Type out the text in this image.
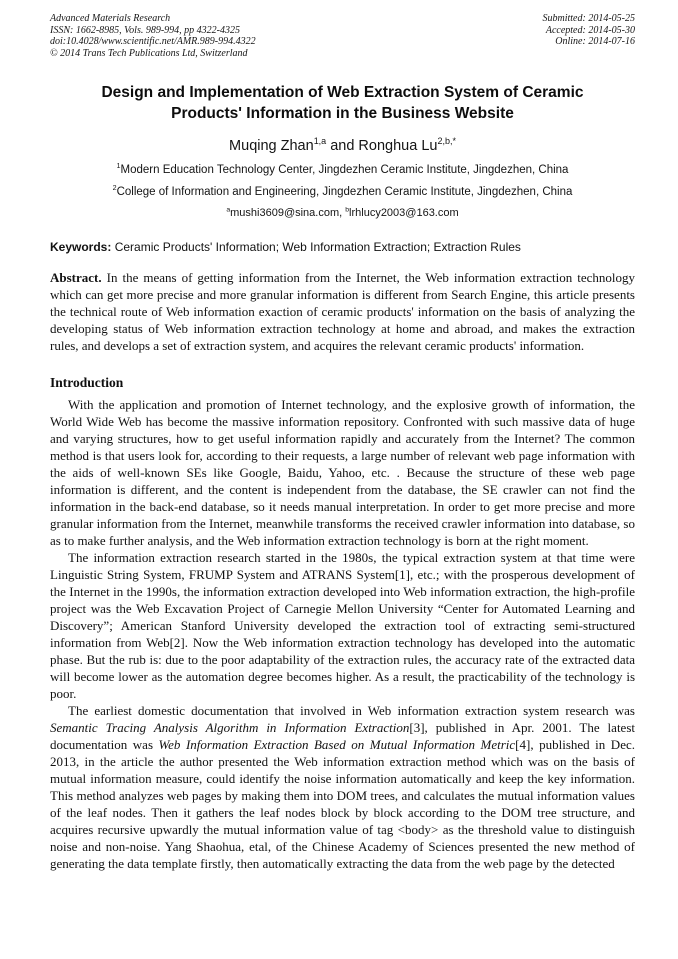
Advanced Materials Research
ISSN: 1662-8985, Vols. 989-994, pp 4322-4325
doi:10.4028/www.scientific.net/AMR.989-994.4322
© 2014 Trans Tech Publications Ltd, Switzerland
Submitted: 2014-05-25
Accepted: 2014-05-30
Online: 2014-07-16
Design and Implementation of Web Extraction System of Ceramic Products' Information in the Business Website
Muqing Zhan$^{1,a}$ and Ronghua $Lu^{2,b,*}$
$^1$Modern Education Technology Center, Jingdezhen Ceramic Institute, Jingdezhen, China
$^2$College of Information and Engineering, Jingdezhen Ceramic Institute, Jingdezhen, China
$^a$mushi3609@sina.com, $^b$lrhlucy2003@163.com
Keywords: Ceramic Products' Information; Web Information Extraction; Extraction Rules
Abstract. In the means of getting information from the Internet, the Web information extraction technology which can get more precise and more granular information is different from Search Engine, this article presents the technical route of Web information exaction of ceramic products' information on the basis of analyzing the developing status of Web information extraction technology at home and abroad, and makes the extraction rules, and develops a set of extraction system, and acquires the relevant ceramic products' information.
Introduction

With the application and promotion of Internet technology, and the explosive growth of information, the World Wide Web has become the massive information repository. Confronted with such massive data of huge and varying structures, how to get useful information rapidly and accurately from the Internet? The common method is that users look for, according to their requests, a large number of relevant web page information with the aids of well-known SEs like Google, Baidu, Yahoo, etc. . Because the structure of these web page information is different, and the content is independent from the database, the SE crawler can not find the information in the back-end database, so it needs manual interpretation. In order to get more precise and more granular information from the Internet, meanwhile transforms the received crawler information into database, so as to make further analysis, and the Web information extraction technology is born at the right moment.

The information extraction research started in the 1980s, the typical extraction system at that time were Linguistic String System, FRUMP System and ATRANS System[1], etc.; with the prosperous development of the Internet in the 1990s, the information extraction developed into Web information extraction, the high-profile project was the Web Excavation Project of Carnegie Mellon University “Center for Automated Learning and Discovery”; American Stanford University developed the extraction tool of extracting semi-structured information from Web[2]. Now the Web information extraction technology has developed into the automatic phase. But the rub is: due to the poor adaptability of the extraction rules, the accuracy rate of the extracted data will become lower as the automation degree becomes higher. As a result, the practicability of the technology is poor.

The earliest domestic documentation that involved in Web information extraction system research was Semantic Tracing Analysis Algorithm in Information Extraction[3], published in Apr. 2001. The latest documentation was Web Information Extraction Based on Mutual Information Metric[4], published in Dec. 2013, in the article the author presented the Web information extraction method which was on the basis of mutual information measure, could identify the noise information automatically and keep the key information. This method analyzes web pages by making them into DOM trees, and calculates the mutual information values of the leaf nodes. Then it gathers the leaf nodes block by block according to the DOM tree structure, and acquires recursive upwardly the mutual information value of tag <body> as the threshold value to distinguish noise and non-noise. Yang Shaohua, etal, of the Chinese Academy of Sciences presented the new method of generating the data template firstly, then automatically extracting the data from the web page by the detected
